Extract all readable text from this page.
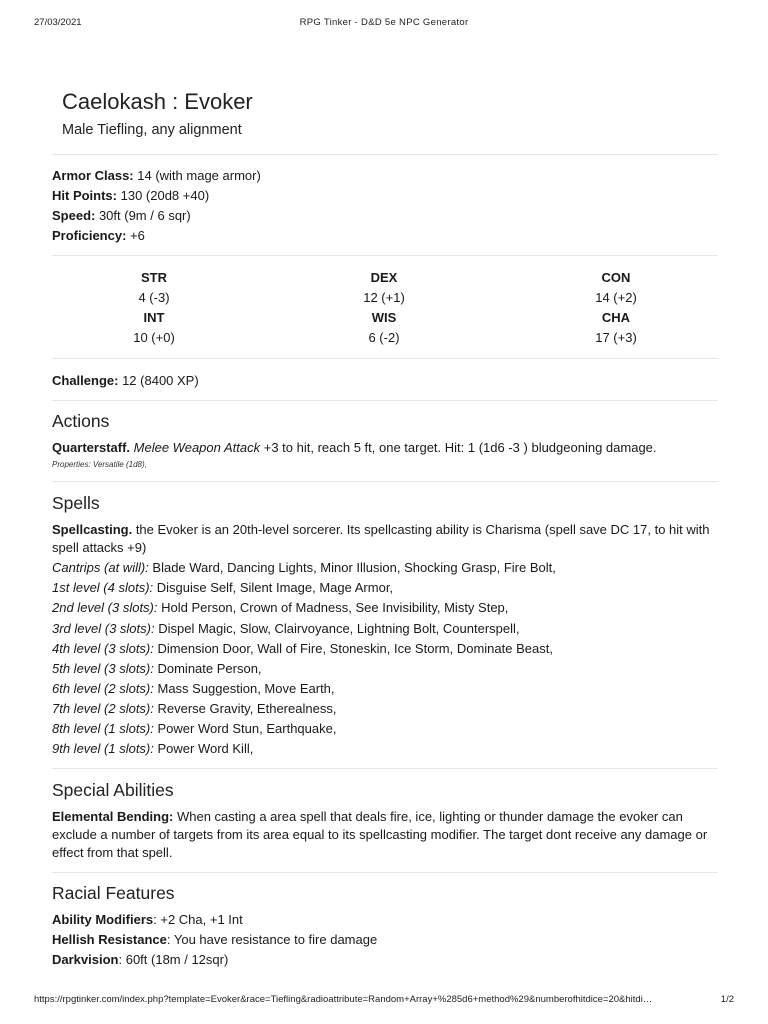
27/03/2021	RPG Tinker - D&D 5e NPC Generator
Caelokash : Evoker
Male Tiefling, any alignment
Armor Class: 14 (with mage armor)
Hit Points: 130 (20d8 +40)
Speed: 30ft (9m / 6 sqr)
Proficiency: +6
STR
4 (-3)
DEX
12 (+1)
CON
14 (+2)
INT
10 (+0)
WIS
6 (-2)
CHA
17 (+3)
Challenge: 12 (8400 XP)
Actions
Quarterstaff. Melee Weapon Attack +3 to hit, reach 5 ft, one target. Hit: 1 (1d6 -3 ) bludgeoning damage.
Properties: Versatile (1d8),
Spells
Spellcasting. the Evoker is an 20th-level sorcerer. Its spellcasting ability is Charisma (spell save DC 17, to hit with
spell attacks +9)
Cantrips (at will): Blade Ward, Dancing Lights, Minor Illusion, Shocking Grasp, Fire Bolt,
1st level (4 slots): Disguise Self, Silent Image, Mage Armor,
2nd level (3 slots): Hold Person, Crown of Madness, See Invisibility, Misty Step,
3rd level (3 slots): Dispel Magic, Slow, Clairvoyance, Lightning Bolt, Counterspell,
4th level (3 slots): Dimension Door, Wall of Fire, Stoneskin, Ice Storm, Dominate Beast,
5th level (3 slots): Dominate Person,
6th level (2 slots): Mass Suggestion, Move Earth,
7th level (2 slots): Reverse Gravity, Etherealness,
8th level (1 slots): Power Word Stun, Earthquake,
9th level (1 slots): Power Word Kill,
Special Abilities
Elemental Bending: When casting a area spell that deals fire, ice, lighting or thunder damage the evoker can
exclude a number of targets from its area equal to its spellcasting modifier. The target dont receive any damage or
effect from that spell.
Racial Features
Ability Modifiers: +2 Cha, +1 Int
Hellish Resistance: You have resistance to fire damage
Darkvision: 60ft (18m / 12sqr)
https://rpgtinker.com/index.php?template=Evoker&race=Tiefling&radioattribute=Random+Array+%285d6+method%29&numberofhitdice=20&hitdi…	1/2
